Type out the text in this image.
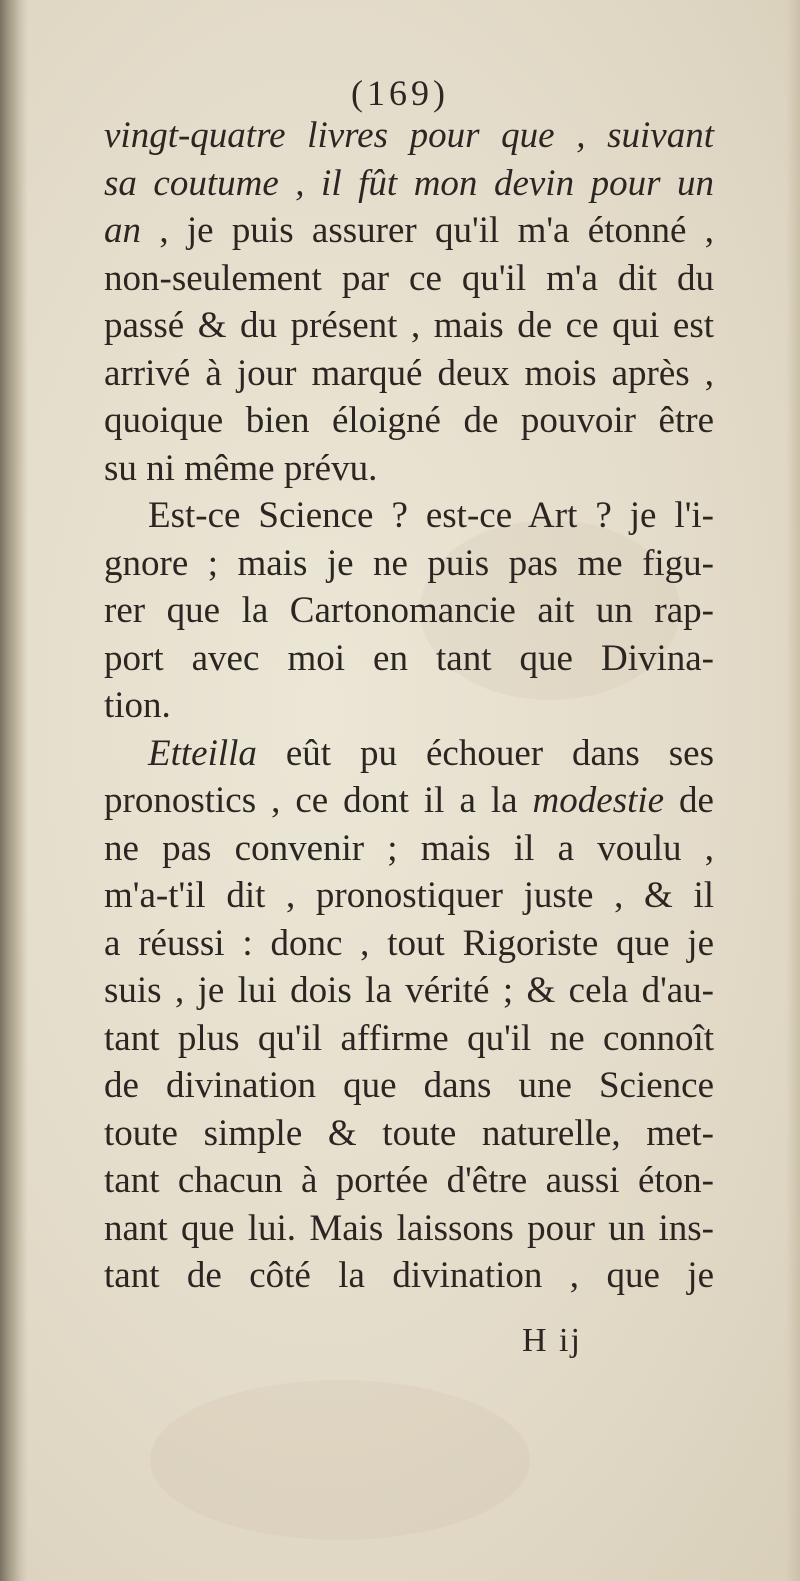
(169)
vingt-quatre livres pour que , suivant
sa coutume , il fût mon devin pour un
an , je puis assurer qu'il m'a étonné ,
non-seulement par ce qu'il m'a dit du
passé & du présent , mais de ce qui est
arrivé à jour marqué deux mois après ,
quoique bien éloigné de pouvoir être
su ni même prévu.
Est-ce Science ? est-ce Art ? je l'i-
gnore ; mais je ne puis pas me figu-
rer que la Cartonomancie ait un rap-
port avec moi en tant que Divina-
tion.
Etteilla eût pu échouer dans ses
pronostics , ce dont il a la modestie de
ne pas convenir ; mais il a voulu ,
m'a-t'il dit , pronostiquer juste , & il
a réussi : donc , tout Rigoriste que je
suis , je lui dois la vérité ; & cela d'au-
tant plus qu'il affirme qu'il ne connoît
de divination que dans une Science
toute simple & toute naturelle, met-
tant chacun à portée d'être aussi éton-
nant que lui. Mais laissons pour un ins-
tant de côté la divination , que je
H ij
